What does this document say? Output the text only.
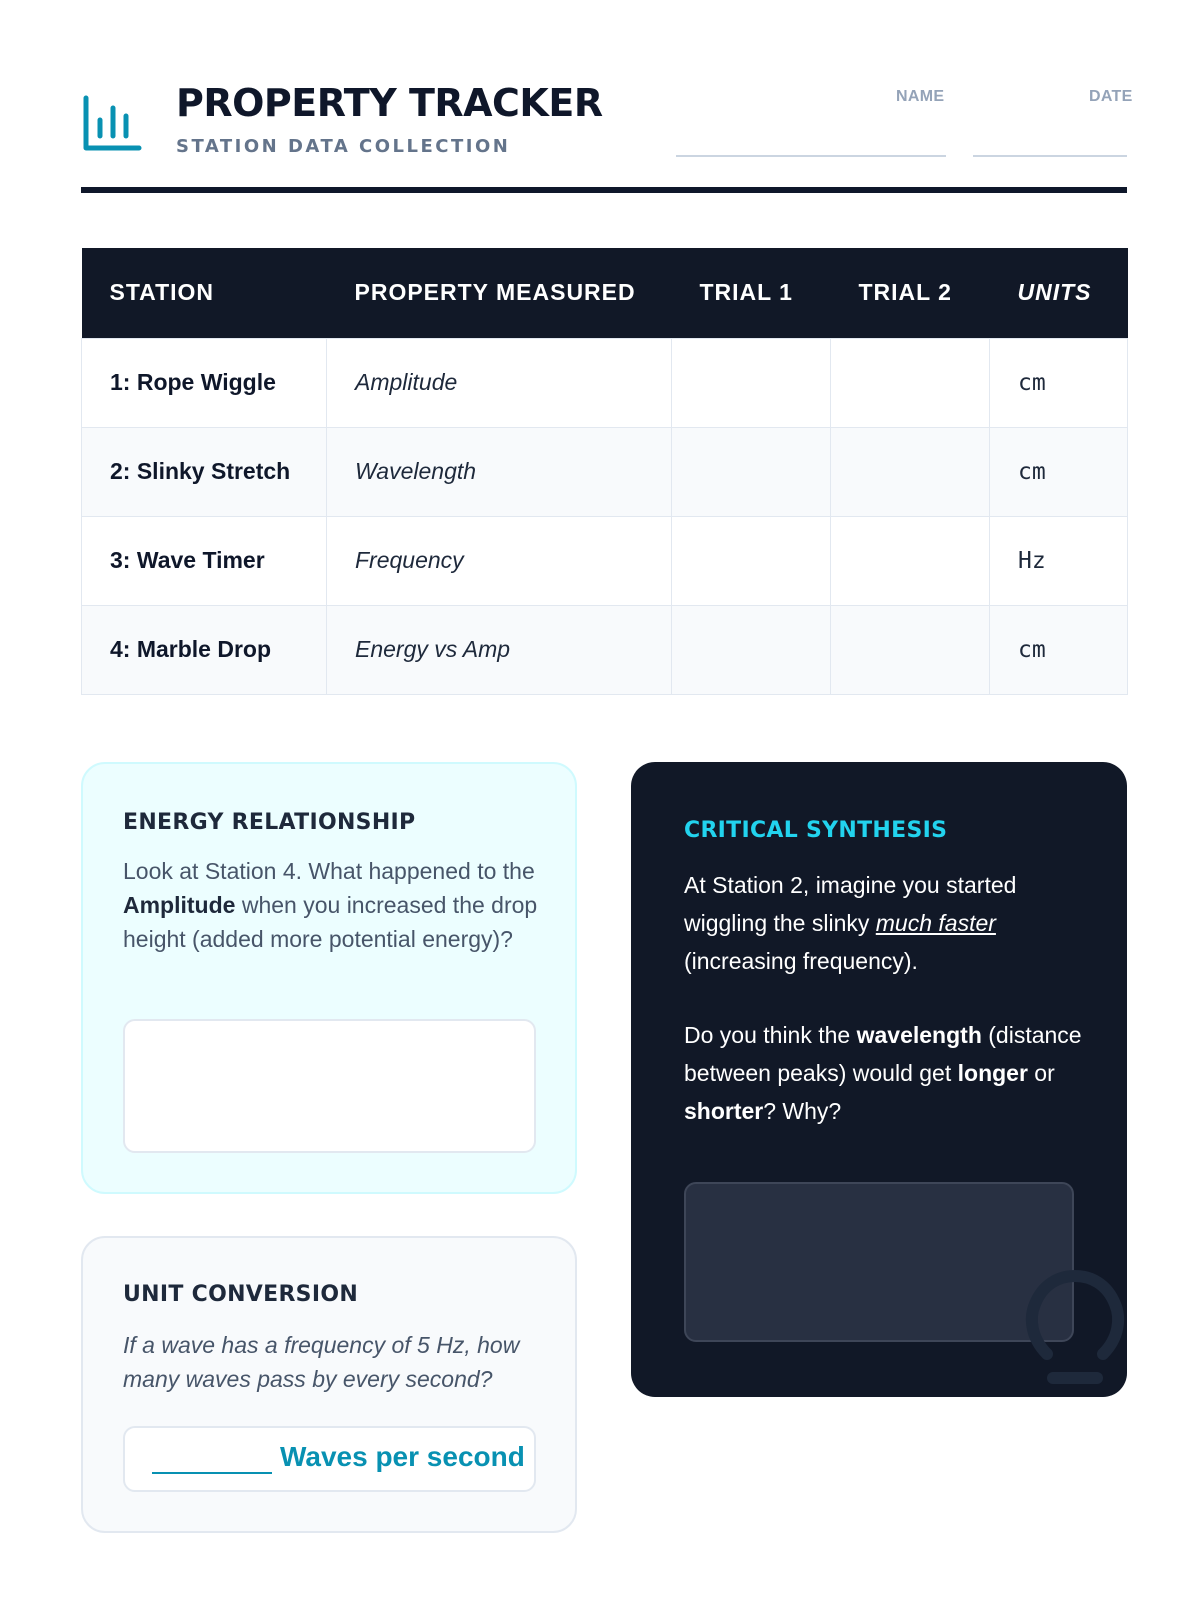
PROPERTY TRACKER
STATION DATA COLLECTION
NAME	DATE
STATION	PROPERTY MEASURED	TRIAL 1	TRIAL 2	UNITS
1: Rope Wiggle	Amplitude			cm
2: Slinky Stretch	Wavelength			cm
3: Wave Timer	Frequency			Hz
4: Marble Drop	Energy vs Amp			cm
ENERGY RELATIONSHIP
Look at Station 4. What happened to the Amplitude when you increased the drop height (added more potential energy)?
UNIT CONVERSION
If a wave has a frequency of 5 Hz, how many waves pass by every second?
Waves per second
CRITICAL SYNTHESIS
At Station 2, imagine you started wiggling the slinky much faster (increasing frequency).
Do you think the wavelength (distance between peaks) would get longer or shorter? Why?
